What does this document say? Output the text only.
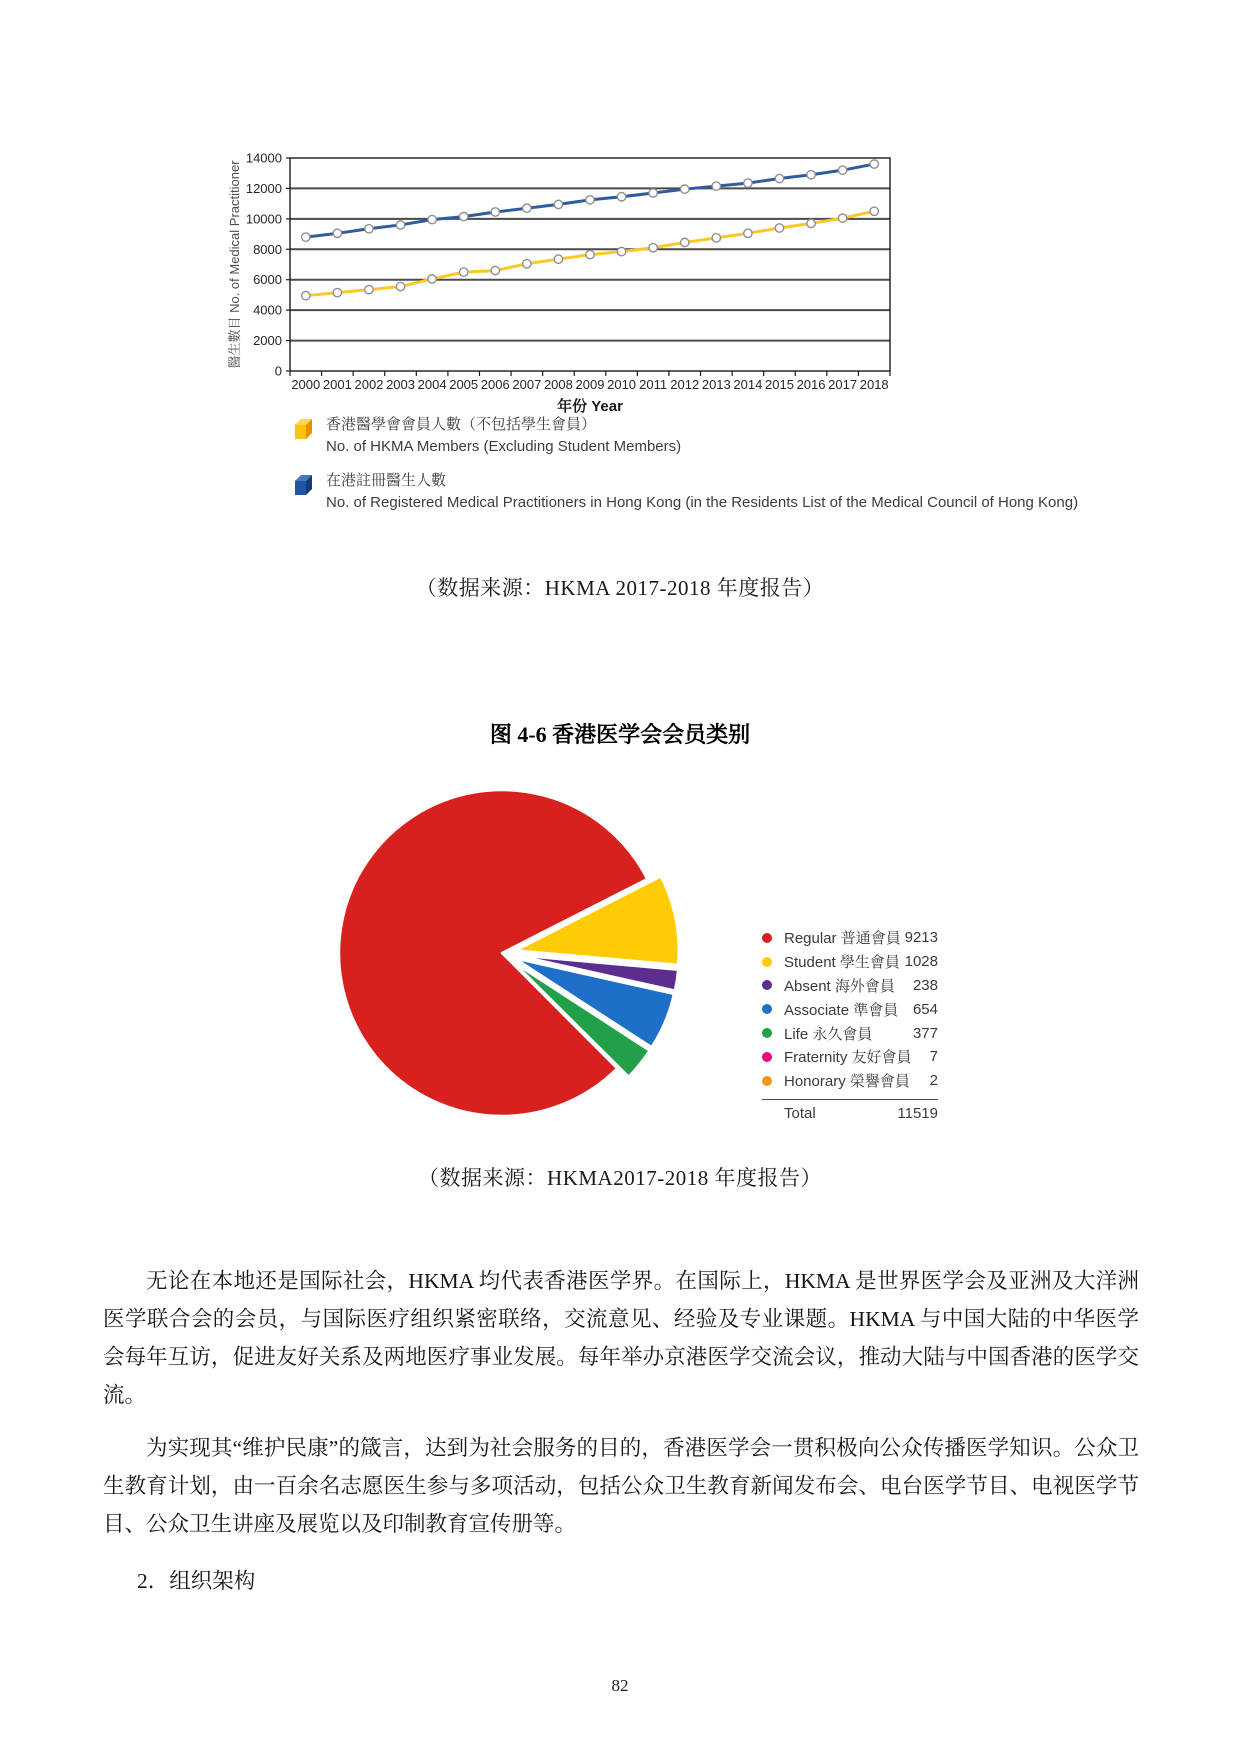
0
2000
4000
6000
8000
10000
12000
14000
2000 2001 2002 2003 2004 2005 2006 2007 2008 2009 2010 2011 2012 2013 2014 2015 2016 2017 2018
年份 Year
醫生數目 No. of Medical Practitioner
香港醫學會會員人數（不包括學生會員）
No. of HKMA Members (Excluding Student Members)
在港註冊醫生人數
No. of Registered Medical Practitioners in Hong Kong (in the Residents List of the Medical Council of Hong Kong)
（数据来源：HKMA 2017-2018 年度报告）
图 4-6 香港医学会会员类别
Regular 普通會員 9213
Student 學生會員 1028
Absent 海外會員 238
Associate 準會員 654
Life 永久會員	377
Fraternity 友好會員 7
Honorary 榮譽會員 2
Total	11519
（数据来源：HKMA2017-2018 年度报告）

无论在本地还是国际社会，HKMA 均代表香港医学界。在国际上，HKMA 是世界医学会及亚洲及大洋洲医学联合会的会员，与国际医疗组织紧密联络，交流意见、经验及专业课题。HKMA 与中国大陆的中华医学会每年互访，促进友好关系及两地医疗事业发展。每年举办京港医学交流会议，推动大陆与中国香港的医学交流。

为实现其“维护民康”的箴言，达到为社会服务的目的，香港医学会一贯积极向公众传播医学知识。公众卫生教育计划，由一百余名志愿医生参与多项活动，包括公众卫生教育新闻发布会、电台医学节目、电视医学节目、公众卫生讲座及展览以及印制教育宣传册等。

2．组织架构
82
